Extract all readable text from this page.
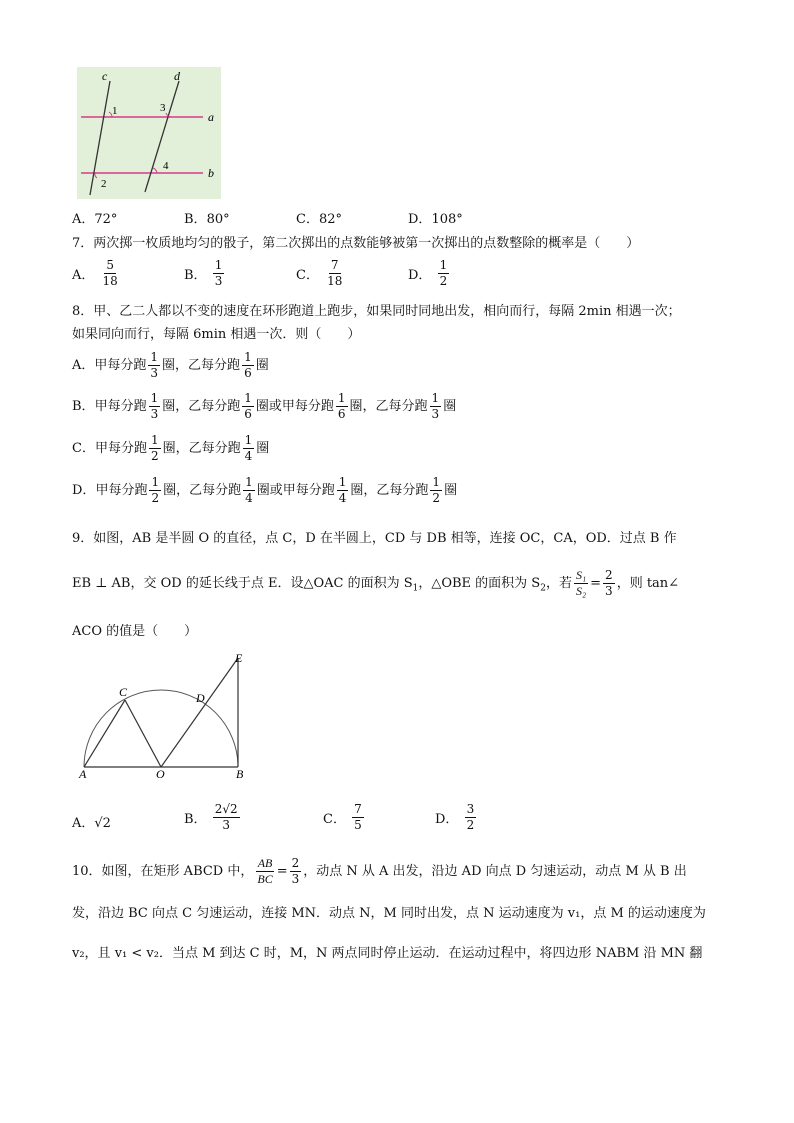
c	d
a
b
1	3
4
2
A．72°	B．80°	C．82°	D．108°
7．两次掷一枚质地均匀的骰子，第二次掷出的点数能够被第一次掷出的点数整除的概率是（　　）
A． $\frac{5}{18}$	B． $\frac{1}{3}$	C． $\frac{7}{18}$	D． $\frac{1}{2}$
8．甲、乙二人都以不变的速度在环形跑道上跑步，如果同时同地出发，相向而行，每隔 2min 相遇一次；
如果同向而行，每隔 6min 相遇一次．则（　　）
A．甲每分跑 $\frac{1}{3}$ 圈，乙每分跑 $\frac{1}{6}$ 圈
B．甲每分跑 $\frac{1}{3}$ 圈，乙每分跑 $\frac{1}{6}$ 圈或甲每分跑 $\frac{1}{6}$ 圈，乙每分跑 $\frac{1}{3}$ 圈
C．甲每分跑 $\frac{1}{2}$ 圈，乙每分跑 $\frac{1}{4}$ 圈
D．甲每分跑 $\frac{1}{2}$ 圈，乙每分跑 $\frac{1}{4}$ 圈或甲每分跑 $\frac{1}{4}$ 圈，乙每分跑 $\frac{1}{2}$ 圈
9．如图，AB 是半圆 O 的直径，点 C，D 在半圆上，CD 与 DB 相等，连接 OC，CA，OD．过点 B 作
EB ⊥ AB，交 OD 的延长线于点 E．设△OAC 的面积为 $S_1$，△OBE 的面积为 $S_2$，若 $\frac{\text{S₁}}{\text{S₂}} = \frac{2}{3}$ ，则 tan∠
ACO 的值是（　　）
A	O	B
C	D
E
A．√2	B． $\frac{2√2}{3}$	C． $\frac{7}{5}$	D． $\frac{3}{2}$
10．如图，在矩形 ABCD 中， $\frac{AB}{BC} = \frac{2}{3}$ ，动点 N 从 A 出发，沿边 AD 向点 D 匀速运动，动点 M 从 B 出
发，沿边 BC 向点 C 匀速运动，连接 MN．动点 N，M 同时出发，点 N 运动速度为 v₁，点 M 的运动速度为
v₂，且 v₁ < v₂．当点 M 到达 C 时，M，N 两点同时停止运动．在运动过程中，将四边形 NABM 沿 MN 翻
